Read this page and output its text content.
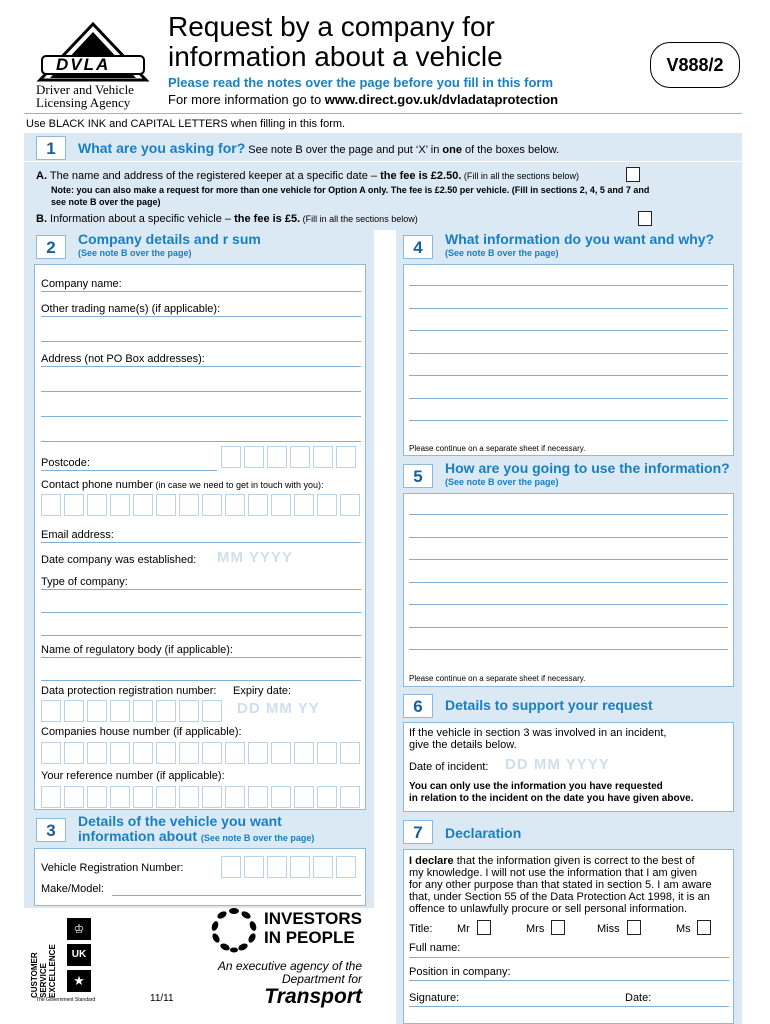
DVLA
Driver and Vehicle
Licensing Agency
Request by a company for
information about a vehicle	V888/2
Please read the notes over the page before you fill in this form
For more information go to www.direct.gov.uk/dvladataprotection
Use BLACK INK and CAPITAL LETTERS when filling in this form.
1	What are you asking for? See note B over the page and put ‘X’ in one of the boxes below.
A. The name and address of the registered keeper at a specific date – the fee is £2.50. (Fill in all the sections below)
Note: you can also make a request for more than one vehicle for Option A only. The fee is £2.50 per vehicle. (Fill in sections 2, 4, 5 and 7 and
see note B over the page)
B. Information about a specific vehicle – the fee is £5. (Fill in all the sections below)
2	Company details and r sum
(See note B over the page)
Company name:
Other trading name(s) (if applicable):
Address (not PO Box addresses):
Postcode:
Contact phone number (in case we need to get in touch with you):
Email address:
Date company was established: MM YYYY
Type of company:
Name of regulatory body (if applicable):
Data protection registration number: Expiry date:
DD MM YY
Companies house number (if applicable):
Your reference number (if applicable):
3	Details of the vehicle you want
information about (See note B over the page)
Vehicle Registration Number:
Make/Model:
CUSTOMER
SERVICE
EXCELLENCE
♔
UK
★
The Government Standard
INVESTORS
IN PEOPLE
An executive agency of the
Department for
Transport
11/11
4	What information do you want and why?
(See note B over the page)
Please continue on a separate sheet if necessary.
5	How are you going to use the information?
(See note B over the page)
Please continue on a separate sheet if necessary.
6	Details to support your request
If the vehicle in section 3 was involved in an incident,
give the details below.
Date of incident: DD MM YYYY
You can only use the information you have requested
in relation to the incident on the date you have given above.
7	Declaration
I declare that the information given is correct to the best of
my knowledge. I will not use the information that I am given
for any other purpose than that stated in section 5. I am aware
that, under Section 55 of the Data Protection Act 1998, it is an
offence to unlawfully procure or sell personal information.
Title: Mr	Mrs	Miss	Ms
Full name:
Position in company:
Signature:	Date:
